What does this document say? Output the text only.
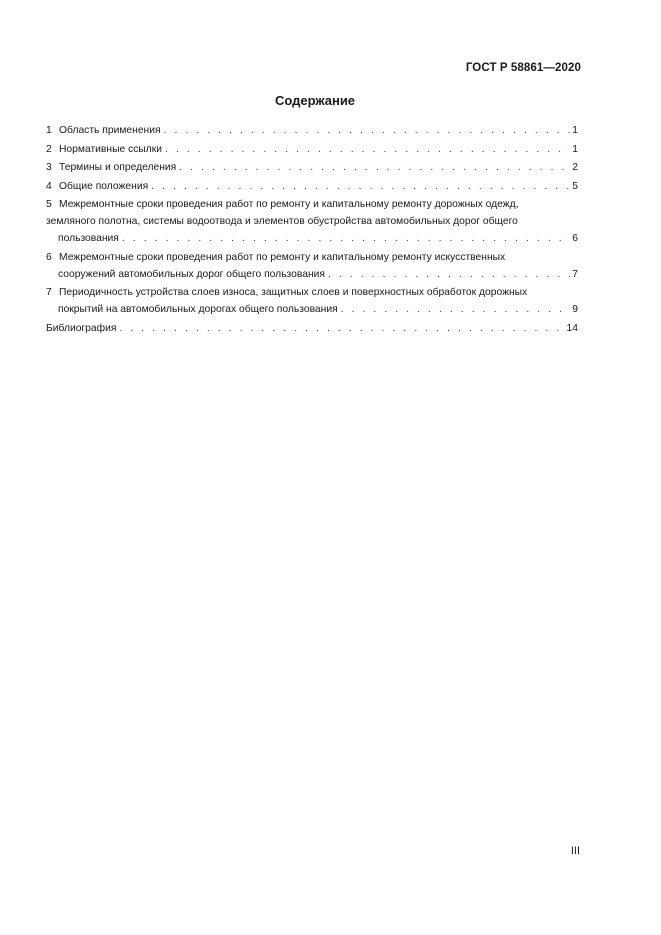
ГОСТ Р 58861—2020
Содержание
1 Область применения . . .	1
2 Нормативные ссылки . . .	1
3 Термины и определения . . .	2
4 Общие положения . . .	5
5 Межремонтные сроки проведения работ по ремонту и капитальному ремонту дорожных одежд,
земляного полотна, системы водоотвода и элементов обустройства автомобильных дорог общего
пользования . . .	6
6 Межремонтные сроки проведения работ по ремонту и капитальному ремонту искусственных
сооружений автомобильных дорог общего пользования . . .	7
7 Периодичность устройства слоев износа, защитных слоев и поверхностных обработок дорожных
покрытий на автомобильных дорогах общего пользования . . .	9
Библиография . . .	14
III
